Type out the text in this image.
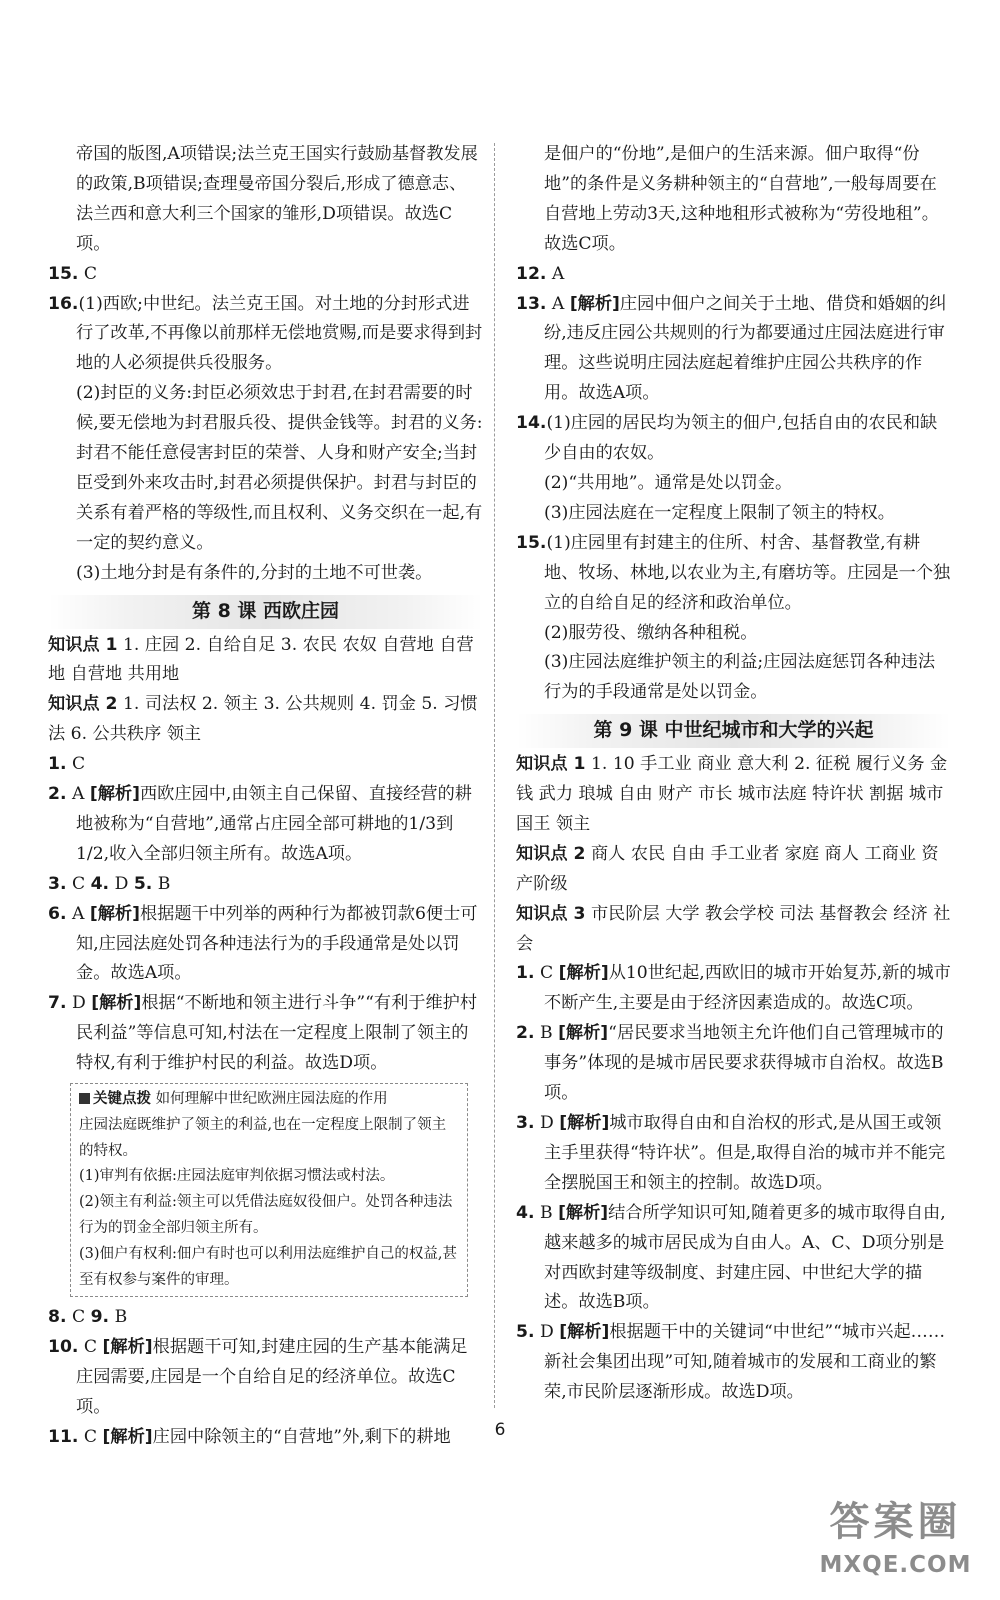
帝国的版图,A项错误;法兰克王国实行鼓励基督教发展的政策,B项错误;查理曼帝国分裂后,形成了德意志、法兰西和意大利三个国家的雏形,D项错误。故选C项。

15. C

16.(1)西欧;中世纪。法兰克王国。对土地的分封形式进行了改革,不再像以前那样无偿地赏赐,而是要求得到封地的人必须提供兵役服务。

(2)封臣的义务:封臣必须效忠于封君,在封君需要的时候,要无偿地为封君服兵役、提供金钱等。封君的义务:封君不能任意侵害封臣的荣誉、人身和财产安全;当封臣受到外来攻击时,封君必须提供保护。封君与封臣的关系有着严格的等级性,而且权利、义务交织在一起,有一定的契约意义。

(3)土地分封是有条件的,分封的土地不可世袭。

第 8 课 西欧庄园

知识点 1 1. 庄园 2. 自给自足 3. 农民 农奴 自营地 自营地 自营地 共用地

知识点 2 1. 司法权 2. 领主 3. 公共规则 4. 罚金 5. 习惯法 6. 公共秩序 领主

1. C

2. A [解析]西欧庄园中,由领主自己保留、直接经营的耕地被称为“自营地”,通常占庄园全部可耕地的1/3到1/2,收入全部归领主所有。故选A项。

3. C 4. D 5. B

6. A [解析]根据题干中列举的两种行为都被罚款6便士可知,庄园法庭处罚各种违法行为的手段通常是处以罚金。故选A项。

7. D [解析]根据“不断地和领主进行斗争”“有利于维护村民利益”等信息可知,村法在一定程度上限制了领主的特权,有利于维护村民的利益。故选D项。

关键点拨 如何理解中世纪欧洲庄园法庭的作用
庄园法庭既维护了领主的利益,也在一定程度上限制了领主的特权。
(1)审判有依据:庄园法庭审判依据习惯法或村法。
(2)领主有利益:领主可以凭借法庭奴役佃户。处罚各种违法行为的罚金全部归领主所有。
(3)佃户有权利:佃户有时也可以利用法庭维护自己的权益,甚至有权参与案件的审理。

8. C 9. B

10. C [解析]根据题干可知,封建庄园的生产基本能满足庄园需要,庄园是一个自给自足的经济单位。故选C项。

11. C [解析]庄园中除领主的“自营地”外,剩下的耕地

是佃户的“份地”,是佃户的生活来源。佃户取得“份地”的条件是义务耕种领主的“自营地”,一般每周要在自营地上劳动3天,这种地租形式被称为“劳役地租”。故选C项。

12. A

13. A [解析]庄园中佃户之间关于土地、借贷和婚姻的纠纷,违反庄园公共规则的行为都要通过庄园法庭进行审理。这些说明庄园法庭起着维护庄园公共秩序的作用。故选A项。

14.(1)庄园的居民均为领主的佃户,包括自由的农民和缺少自由的农奴。

(2)“共用地”。通常是处以罚金。

(3)庄园法庭在一定程度上限制了领主的特权。

15.(1)庄园里有封建主的住所、村舍、基督教堂,有耕地、牧场、林地,以农业为主,有磨坊等。庄园是一个独立的自给自足的经济和政治单位。

(2)服劳役、缴纳各种租税。

(3)庄园法庭维护领主的利益;庄园法庭惩罚各种违法行为的手段通常是处以罚金。

第 9 课 中世纪城市和大学的兴起

知识点 1 1. 10 手工业 商业 意大利 2. 征税 履行义务 金钱 武力 琅城 自由 财产 市长 城市法庭 特许状 割据 城市 国王 领主

知识点 2 商人 农民 自由 手工业者 家庭 商人 工商业 资产阶级

知识点 3 市民阶层 大学 教会学校 司法 基督教会 经济 社会

1. C [解析]从10世纪起,西欧旧的城市开始复苏,新的城市不断产生,主要是由于经济因素造成的。故选C项。

2. B [解析]“居民要求当地领主允许他们自己管理城市的事务”体现的是城市居民要求获得城市自治权。故选B项。

3. D [解析]城市取得自由和自治权的形式,是从国王或领主手里获得“特许状”。但是,取得自治的城市并不能完全摆脱国王和领主的控制。故选D项。

4. B [解析]结合所学知识可知,随着更多的城市取得自由,越来越多的城市居民成为自由人。A、C、D项分别是对西欧封建等级制度、封建庄园、中世纪大学的描述。故选B项。

5. D [解析]根据题干中的关键词“中世纪”“城市兴起……新社会集团出现”可知,随着城市的发展和工商业的繁荣,市民阶层逐渐形成。故选D项。

6
答案圈
MXQE.COM
